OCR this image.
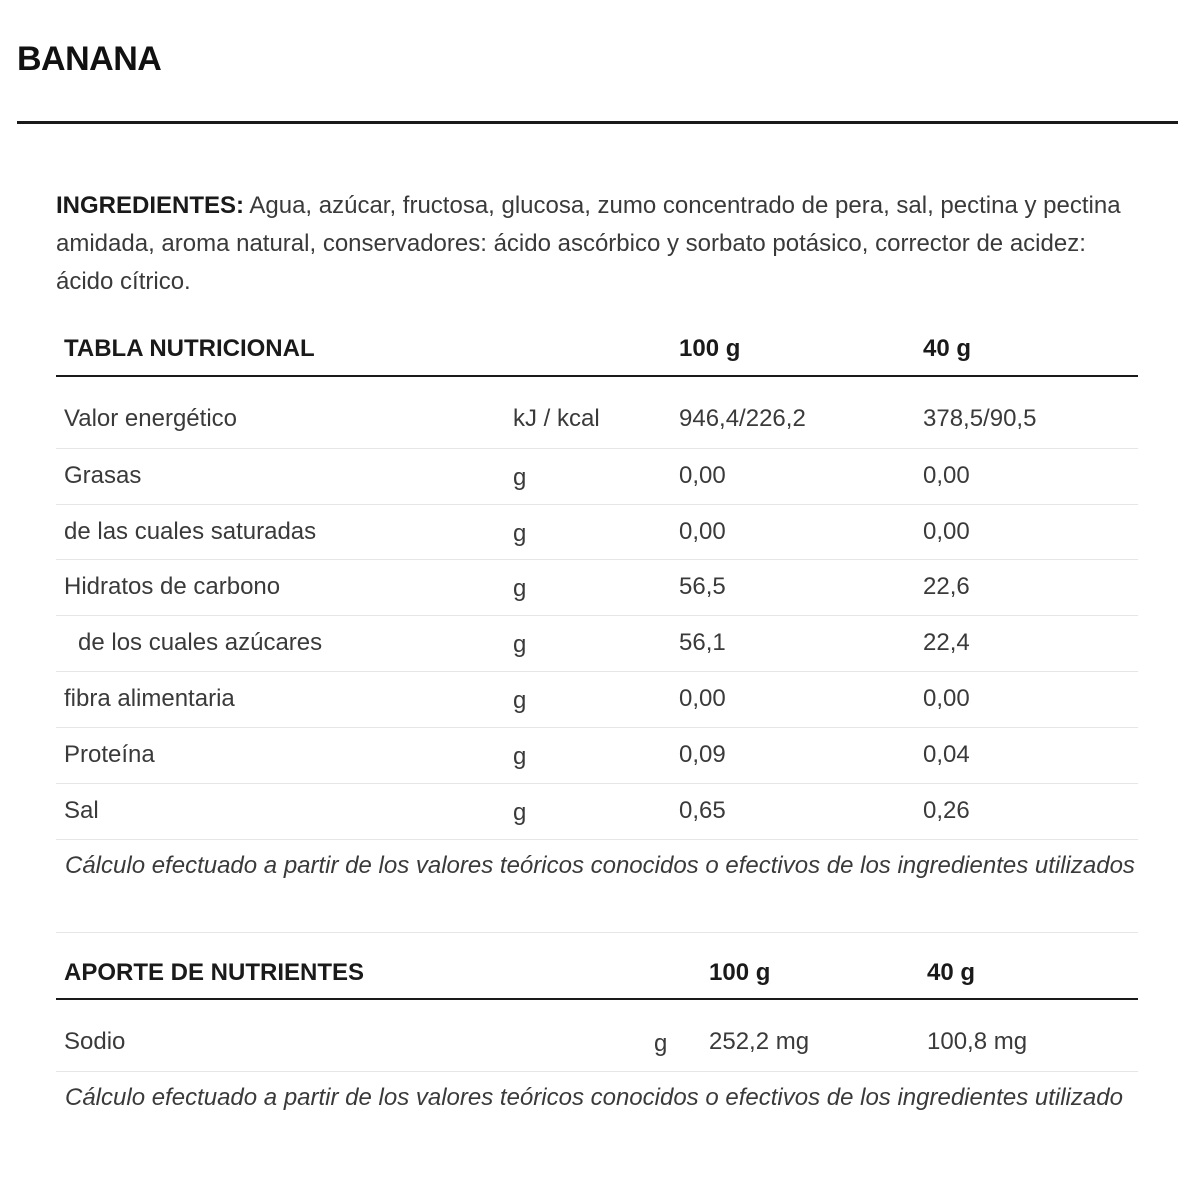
BANANA

INGREDIENTES: Agua, azúcar, fructosa, glucosa, zumo concentrado de pera, sal, pectina y pectina amidada, aroma natural, conservadores: ácido ascórbico y sorbato potásico, corrector de acidez: ácido cítrico.

TABLA NUTRICIONAL	100 g	40 g
Valor energético	kJ / kcal	946,4/226,2	378,5/90,5
Grasas	g	0,00	0,00
de las cuales saturadas	g	0,00	0,00
Hidratos de carbono	g	56,5	22,6
de los cuales azúcares	g	56,1	22,4
fibra alimentaria	g	0,00	0,00
Proteína	g	0,09	0,04
Sal	g	0,65	0,26

Cálculo efectuado a partir de los valores teóricos conocidos o efectivos de los ingredientes utilizados

APORTE DE NUTRIENTES	100 g	40 g
Sodio	g 252,2 mg	100,8 mg

Cálculo efectuado a partir de los valores teóricos conocidos o efectivos de los ingredientes utilizado
